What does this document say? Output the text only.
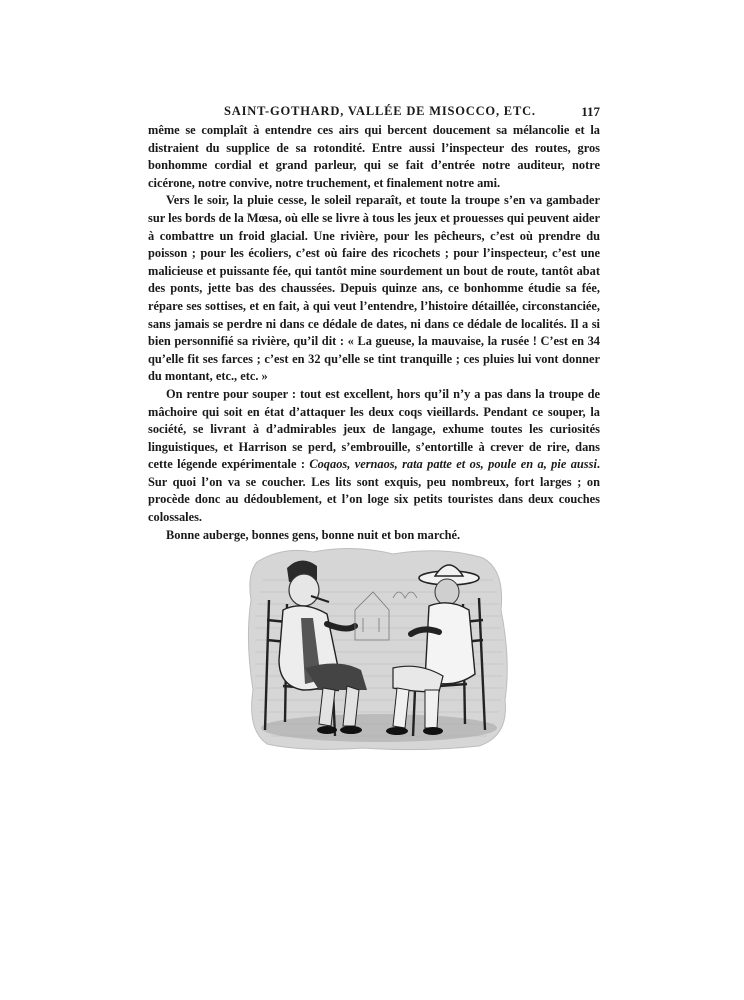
SAINT-GOTHARD, VALLÉE DE MISOCCO, ETC.	117

même se complaît à entendre ces airs qui bercent doucement sa mélancolie et la distraient du supplice de sa rotondité. Entre aussi l’inspecteur des routes, gros bonhomme cordial et grand parleur, qui se fait d’entrée notre auditeur, notre cicérone, notre convive, notre truchement, et finalement notre ami.

Vers le soir, la pluie cesse, le soleil reparaît, et toute la troupe s’en va gambader sur les bords de la Mœsa, où elle se livre à tous les jeux et prouesses qui peuvent aider à combattre un froid glacial. Une rivière, pour les pêcheurs, c’est où prendre du poisson ; pour les écoliers, c’est où faire des ricochets ; pour l’inspecteur, c’est une malicieuse et puissante fée, qui tantôt mine sourdement un bout de route, tantôt abat des ponts, jette bas des chaussées. Depuis quinze ans, ce bonhomme étudie sa fée, répare ses sottises, et en fait, à qui veut l’entendre, l’histoire détaillée, circonstanciée, sans jamais se perdre ni dans ce dédale de dates, ni dans ce dédale de localités. Il a si bien personnifié sa rivière, qu’il dit : « La gueuse, la mauvaise, la rusée ! C’est en 34 qu’elle fit ses farces ; c’est en 32 qu’elle se tint tranquille ; ces pluies lui vont donner du montant, etc., etc. »

On rentre pour souper : tout est excellent, hors qu’il n’y a pas dans la troupe de mâchoire qui soit en état d’attaquer les deux coqs vieillards. Pendant ce souper, la société, se livrant à d’admirables jeux de langage, exhume toutes les curiosités linguistiques, et Harrison se perd, s’embrouille, s’entortille à crever de rire, dans cette légende expérimentale : Coqaos, vernaos, rata patte et os, poule en a, pie aussi. Sur quoi l’on va se coucher. Les lits sont exquis, peu nombreux, fort larges ; on procède donc au dédoublement, et l’on loge six petits touristes dans deux couches colossales.

Bonne auberge, bonnes gens, bonne nuit et bon marché.
